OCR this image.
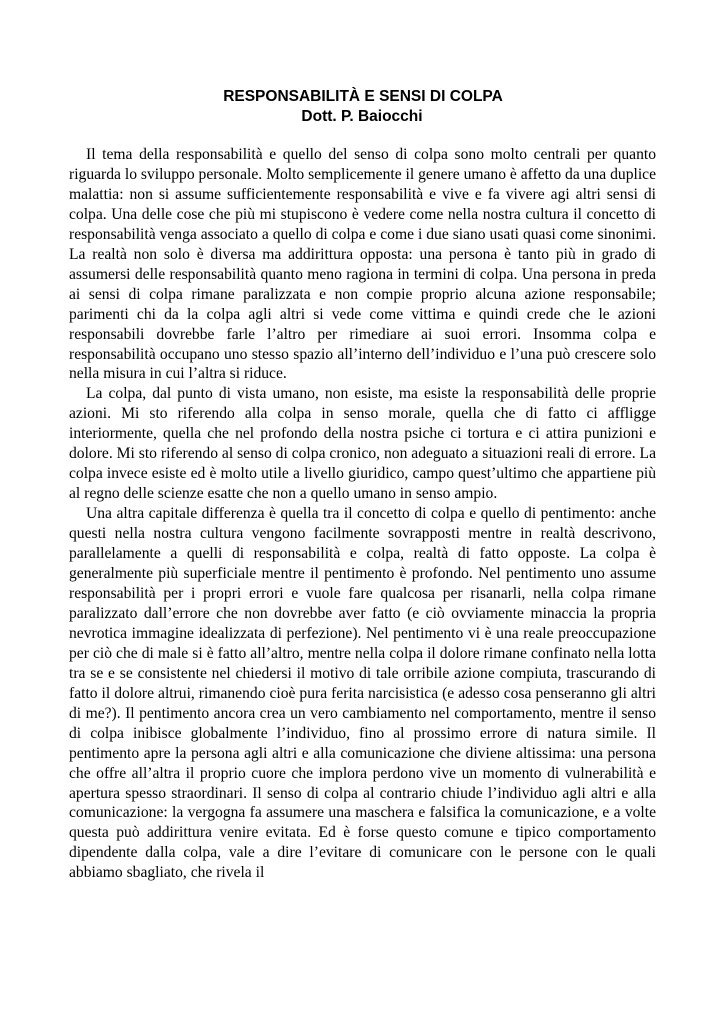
RESPONSABILITÀ E SENSI DI COLPA
Dott. P. Baiocchi

Il tema della responsabilità e quello del senso di colpa sono molto centrali per quanto riguarda lo sviluppo personale. Molto semplicemente il genere umano è affetto da una duplice malattia: non si assume sufficientemente responsabilità e vive e fa vivere agi altri sensi di colpa. Una delle cose che più mi stupiscono è vedere come nella nostra cultura il concetto di responsabilità venga associato a quello di colpa e come i due siano usati quasi come sinonimi. La realtà non solo è diversa ma addirittura opposta: una persona è tanto più in grado di assumersi delle responsabilità quanto meno ragiona in termini di colpa. Una persona in preda ai sensi di colpa rimane paralizzata e non compie proprio alcuna azione responsabile; parimenti chi da la colpa agli altri si vede come vittima e quindi crede che le azioni responsabili dovrebbe farle l’altro per rimediare ai suoi errori. Insomma colpa e responsabilità occupano uno stesso spazio all’interno dell’individuo e l’una può crescere solo nella misura in cui l’altra si riduce.

La colpa, dal punto di vista umano, non esiste, ma esiste la responsabilità delle proprie azioni. Mi sto riferendo alla colpa in senso morale, quella che di fatto ci affligge interiormente, quella che nel profondo della nostra psiche ci tortura e ci attira punizioni e dolore. Mi sto riferendo al senso di colpa cronico, non adeguato a situazioni reali di errore. La colpa invece esiste ed è molto utile a livello giuridico, campo quest’ultimo che appartiene più al regno delle scienze esatte che non a quello umano in senso ampio.

Una altra capitale differenza è quella tra il concetto di colpa e quello di pentimento: anche questi nella nostra cultura vengono facilmente sovrapposti mentre in realtà descrivono, parallelamente a quelli di responsabilità e colpa, realtà di fatto opposte. La colpa è generalmente più superficiale mentre il pentimento è profondo. Nel pentimento uno assume responsabilità per i propri errori e vuole fare qualcosa per risanarli, nella colpa rimane paralizzato dall’errore che non dovrebbe aver fatto (e ciò ovviamente minaccia la propria nevrotica immagine idealizzata di perfezione). Nel pentimento vi è una reale preoccupazione per ciò che di male si è fatto all’altro, mentre nella colpa il dolore rimane confinato nella lotta tra se e se consistente nel chiedersi il motivo di tale orribile azione compiuta, trascurando di fatto il dolore altrui, rimanendo cioè pura ferita narcisistica (e adesso cosa penseranno gli altri di me?). Il pentimento ancora crea un vero cambiamento nel comportamento, mentre il senso di colpa inibisce globalmente l’individuo, fino al prossimo errore di natura simile. Il pentimento apre la persona agli altri e alla comunicazione che diviene altissima: una persona che offre all’altra il proprio cuore che implora perdono vive un momento di vulnerabilità e apertura spesso straordinari. Il senso di colpa al contrario chiude l’individuo agli altri e alla comunicazione: la vergogna fa assumere una maschera e falsifica la comunicazione, e a volte questa può addirittura venire evitata. Ed è forse questo comune e tipico comportamento dipendente dalla colpa, vale a dire l’evitare di comunicare con le persone con le quali abbiamo sbagliato, che rivela il
